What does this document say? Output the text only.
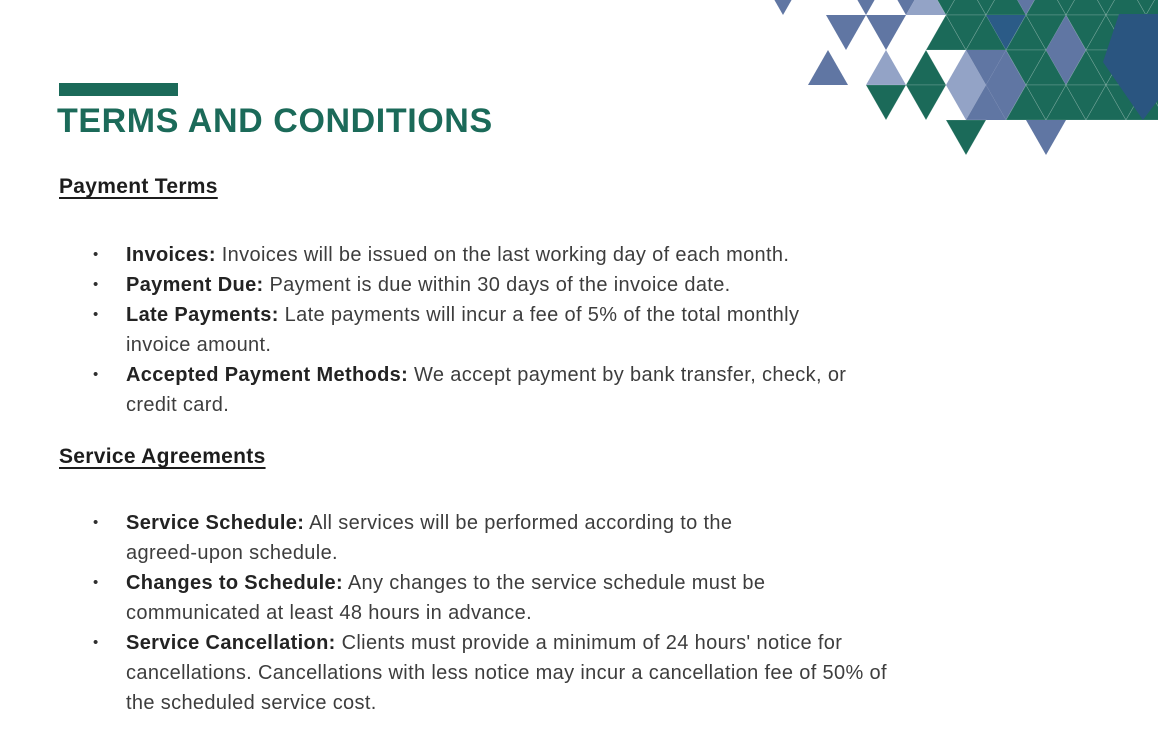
TERMS AND CONDITIONS
Payment Terms
•	Invoices: Invoices will be issued on the last working day of each month.
•	Payment Due: Payment is due within 30 days of the invoice date.
•	Late Payments: Late payments will incur a fee of 5% of the total monthly
invoice amount.
•	Accepted Payment Methods: We accept payment by bank transfer, check, or
credit card.
Service Agreements
•	Service Schedule: All services will be performed according to the
agreed-upon schedule.
•	Changes to Schedule: Any changes to the service schedule must be
communicated at least 48 hours in advance.
•	Service Cancellation: Clients must provide a minimum of 24 hours' notice for
cancellations. Cancellations with less notice may incur a cancellation fee of 50% of
the scheduled service cost.
